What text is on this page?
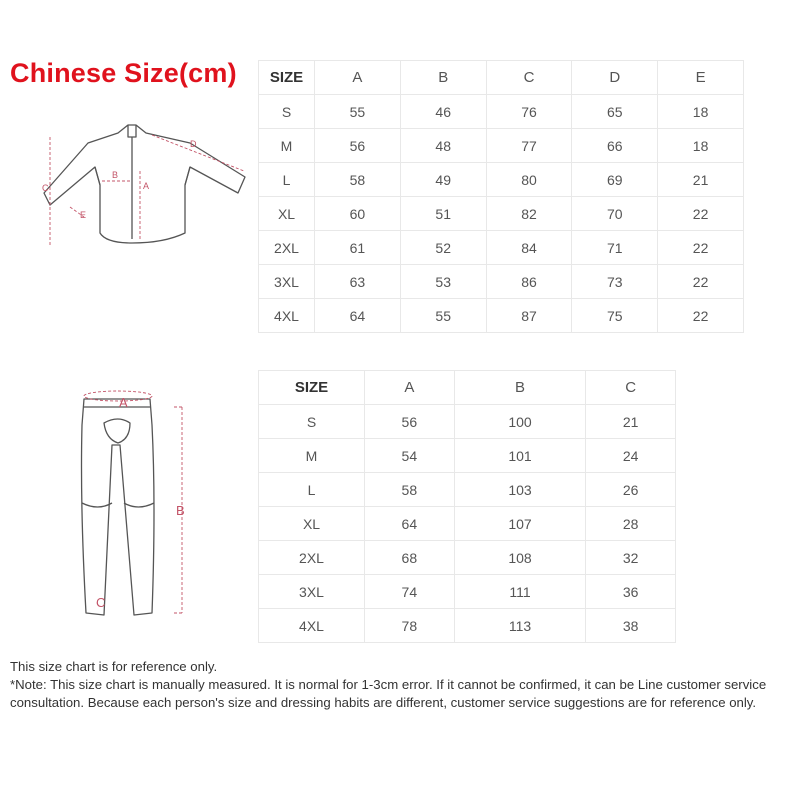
Chinese Size(cm)
D
B
A
C
E
SIZE	A	B	C	D	E
S	55	46	76	65	18
M	56	48	77	66	18
L	58	49	80	69	21
XL	60	51	82	70	22
2XL	61	52	84	71	22
3XL	63	53	86	73	22
4XL	64	55	87	75	22
A
B
C
SIZE	A	B	C
S	56	100	21
M	54	101	24
L	58	103	26
XL	64	107	28
2XL	68	108	32
3XL	74	111	36
4XL	78	113	38

This size chart is for reference only.

*Note: This size chart is manually measured. It is normal for 1-3cm error. If it cannot be confirmed, it can be Line customer service consultation. Because each person's size and dressing habits are different, customer service suggestions are for reference only.
